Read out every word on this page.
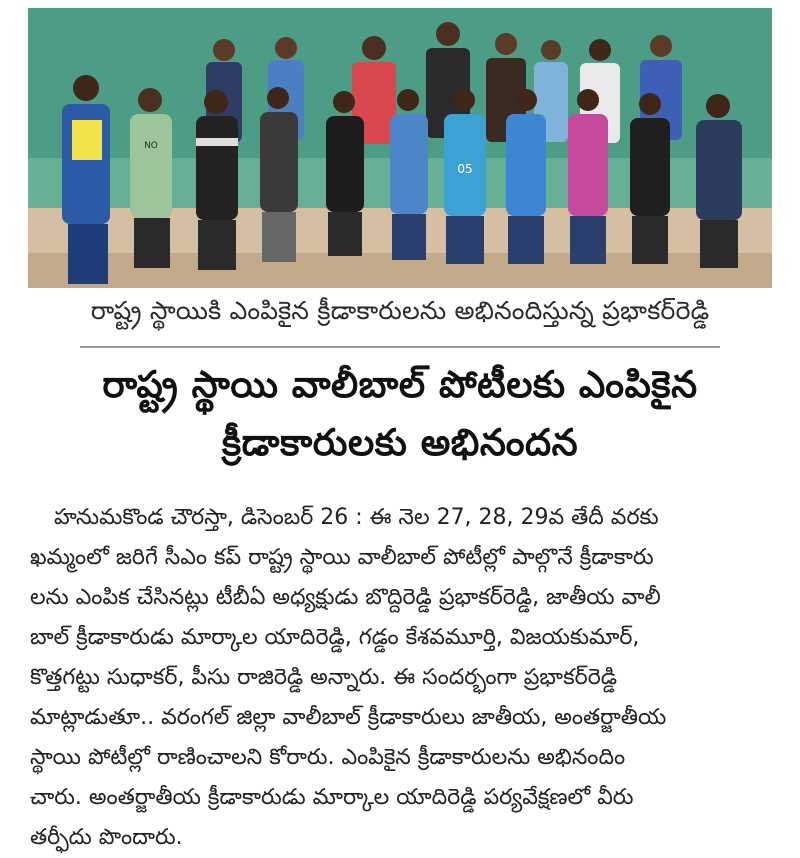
05
NO
రాష్ట్ర స్థాయికి ఎంపికైన క్రీడాకారులను అభినందిస్తున్న ప్రభాకర్‌రెడ్డి
రాష్ట్ర స్థాయి వాలీబాల్‌ పోటీలకు ఎంపికైన
క్రీడాకారులకు అభినందన
హనుమకొండ చౌరస్తా, డిసెంబర్‌ 26 : ఈ నెల 27, 28, 29వ తేదీ వరకు
ఖమ్మంలో జరిగే సీఎం కప్‌ రాష్ట్ర స్థాయి వాలీబాల్‌ పోటీల్లో పాల్గొనే క్రీడాకారు
లను ఎంపిక చేసినట్లు టీబీఏ అధ్యక్షుడు బొద్దిరెడ్డి ప్రభాకర్‌రెడ్డి, జాతీయ వాలీ
బాల్‌ క్రీడాకారుడు మార్కాల యాదిరెడ్డి, గడ్డం కేశవమూర్తి, విజయకుమార్‌,
కొత్తగట్టు సుధాకర్‌, పీసు రాజిరెడ్డి అన్నారు. ఈ సందర్భంగా ప్రభాకర్‌రెడ్డి
మాట్లాడుతూ.. వరంగల్‌ జిల్లా వాలీబాల్‌ క్రీడాకారులు జాతీయ, అంతర్జాతీయ
స్థాయి పోటీల్లో రాణించాలని కోరారు. ఎంపికైన క్రీడాకారులను అభినందిం
చారు. అంతర్జాతీయ క్రీడాకారుడు మార్కాల యాదిరెడ్డి పర్యవేక్షణలో వీరు
తర్ఫీదు పొందారు.
